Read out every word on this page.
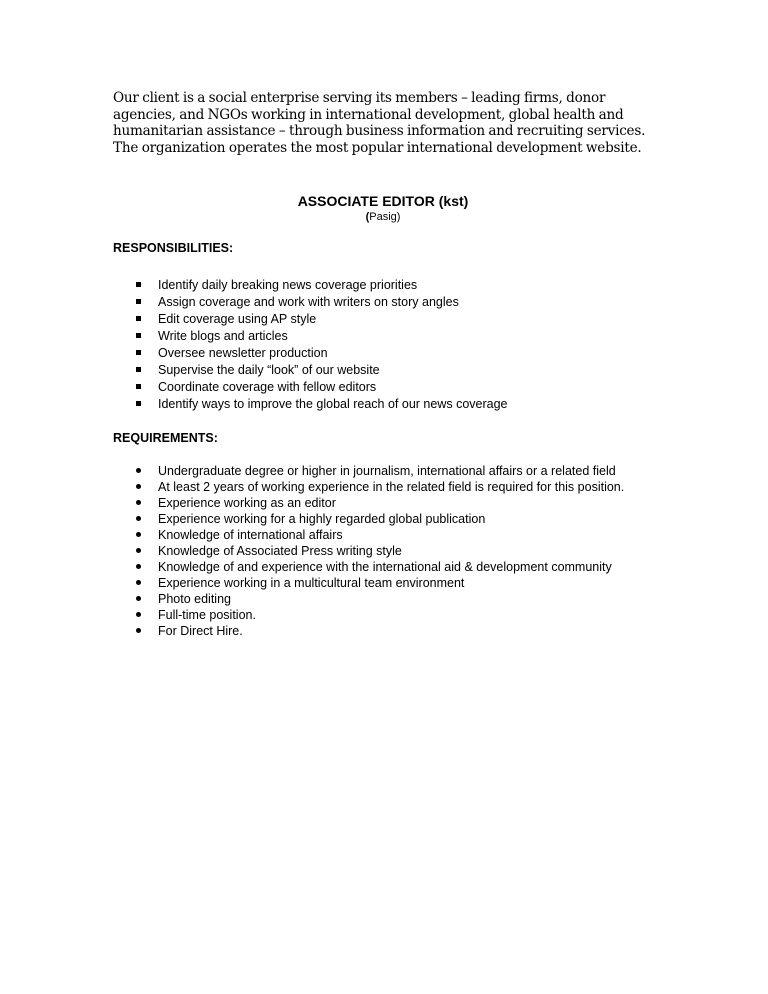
Our client is a social enterprise serving its members – leading firms, donor agencies, and NGOs working in international development, global health and humanitarian assistance – through business information and recruiting services. The organization operates the most popular international development website.

ASSOCIATE EDITOR (kst)

(Pasig)

RESPONSIBILITIES:
Identify daily breaking news coverage priorities
Assign coverage and work with writers on story angles
Edit coverage using AP style
Write blogs and articles
Oversee newsletter production
Supervise the daily “look” of our website
Coordinate coverage with fellow editors
Identify ways to improve the global reach of our news coverage
REQUIREMENTS:
Undergraduate degree or higher in journalism, international affairs or a related field
At least 2 years of working experience in the related field is required for this position.
Experience working as an editor
Experience working for a highly regarded global publication
Knowledge of international affairs
Knowledge of Associated Press writing style
Knowledge of and experience with the international aid & development community
Experience working in a multicultural team environment
Photo editing
Full-time position.
For Direct Hire.
